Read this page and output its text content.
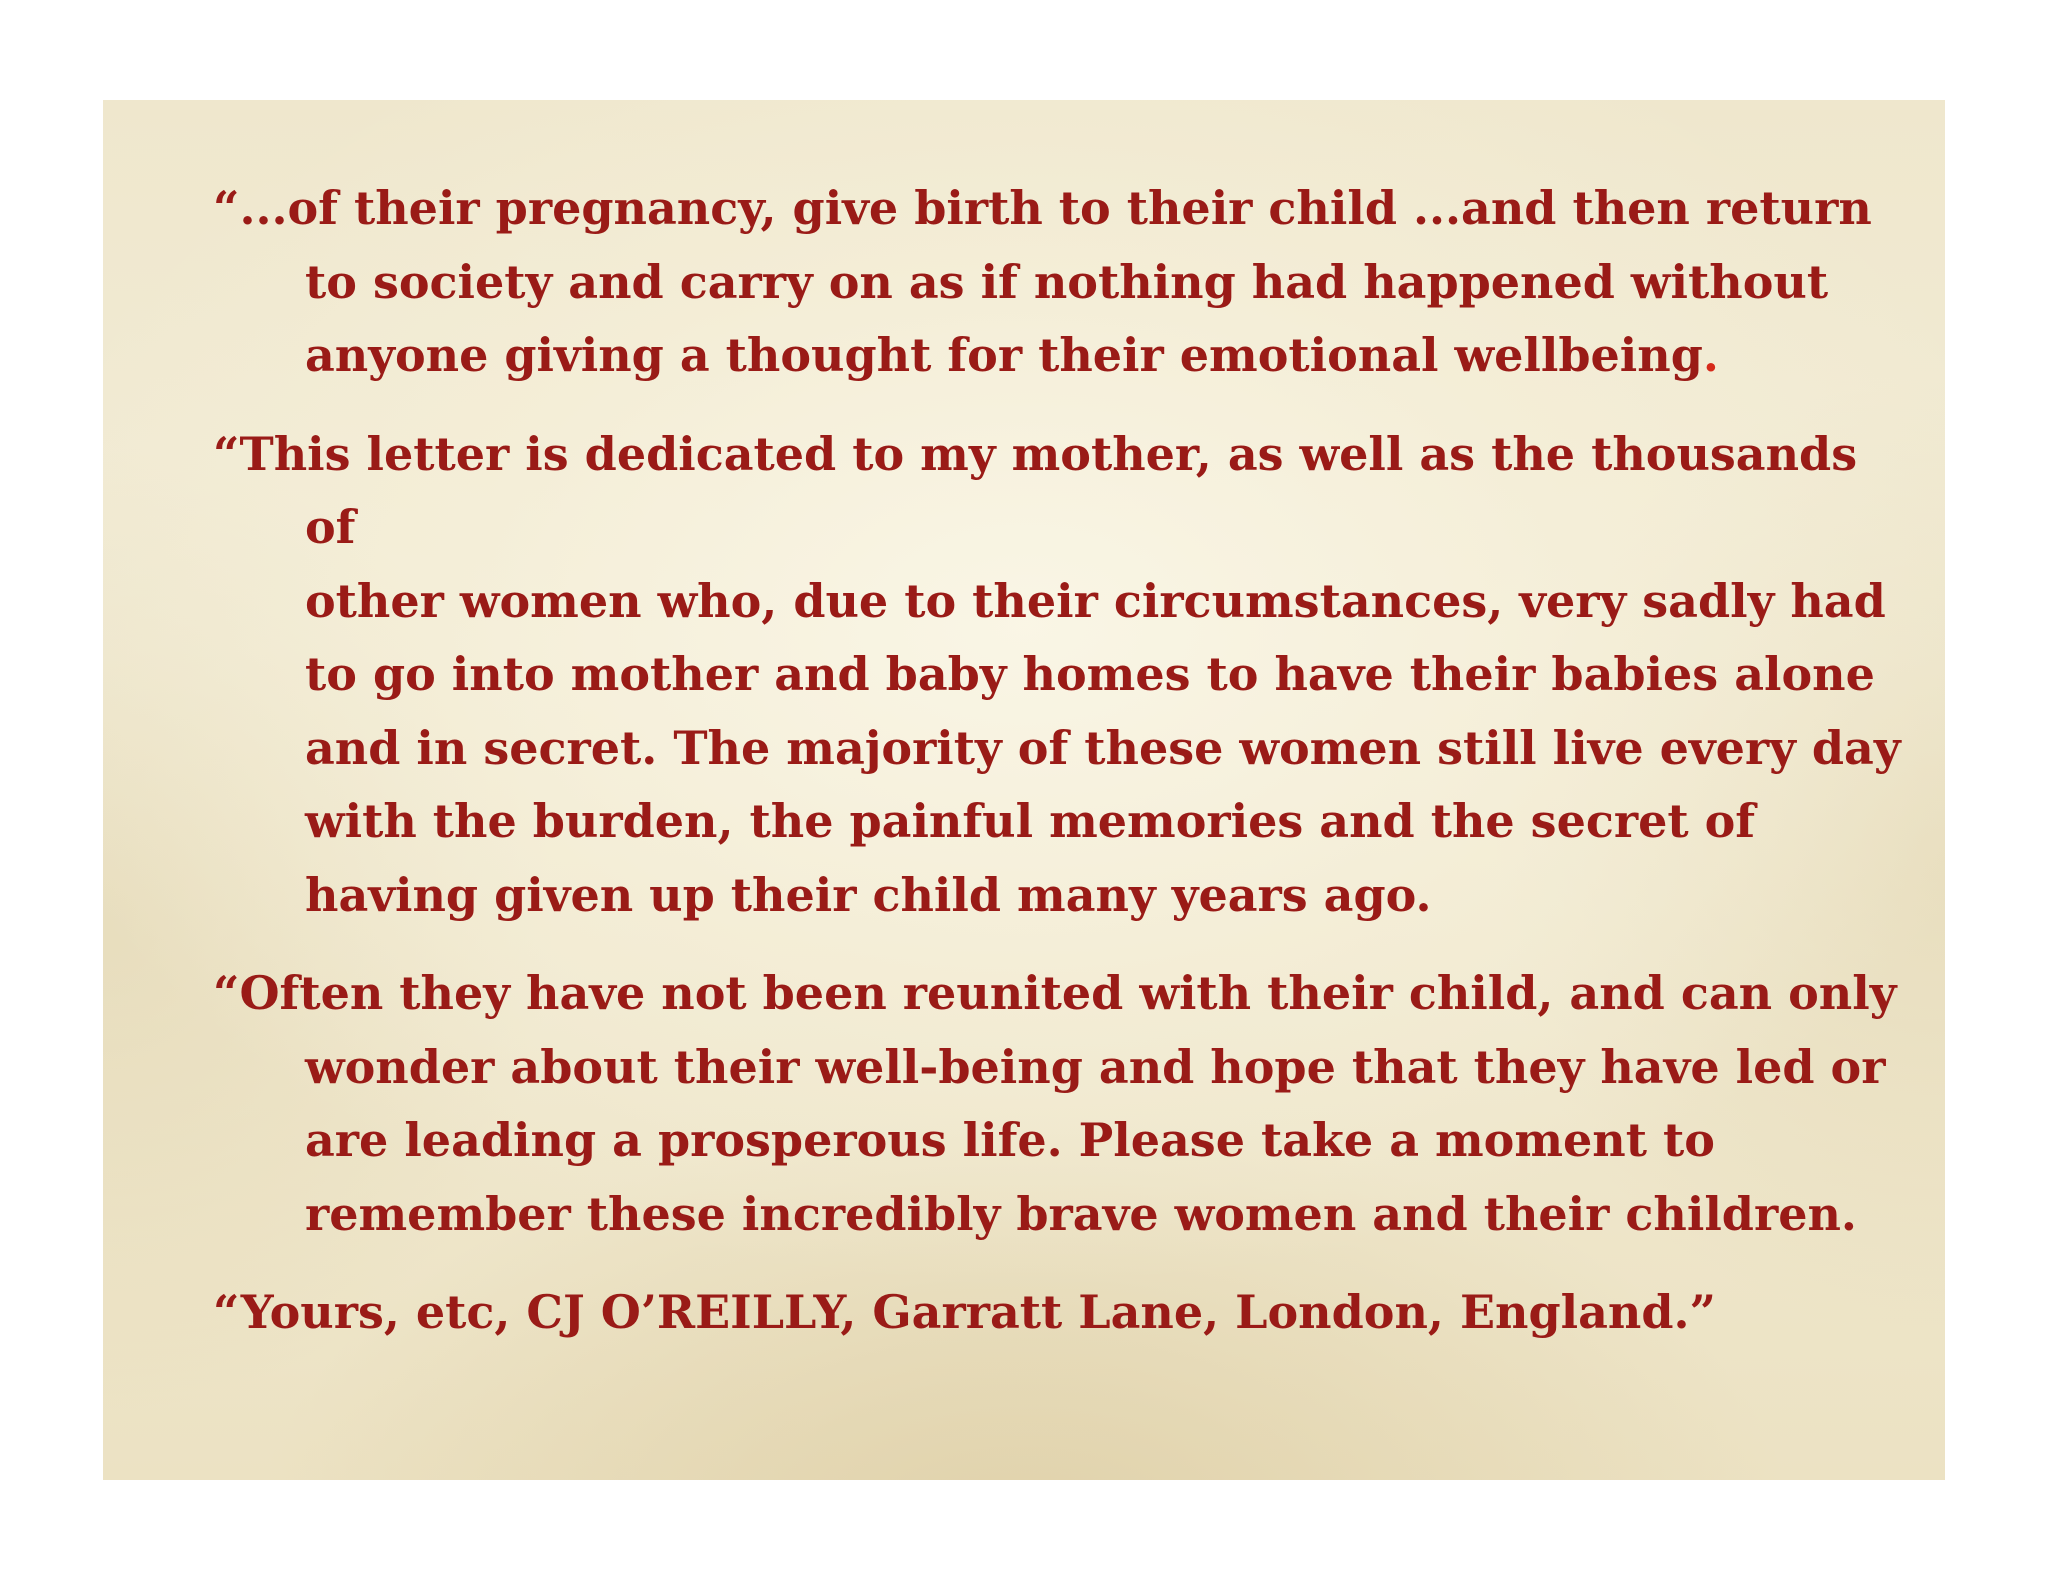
“...of their pregnancy, give birth to their child ...and then return
to society and carry on as if nothing had happened without
anyone giving a thought for their emotional wellbeing.

“This letter is dedicated to my mother, as well as the thousands of
other women who, due to their circumstances, very sadly had
to go into mother and baby homes to have their babies alone
and in secret. The majority of these women still live every day
with the burden, the painful memories and the secret of
having given up their child many years ago.

“Often they have not been reunited with their child, and can only
wonder about their well-being and hope that they have led or
are leading a prosperous life. Please take a moment to
remember these incredibly brave women and their children.

“Yours, etc, CJ O’REILLY, Garratt Lane, London, England.”
